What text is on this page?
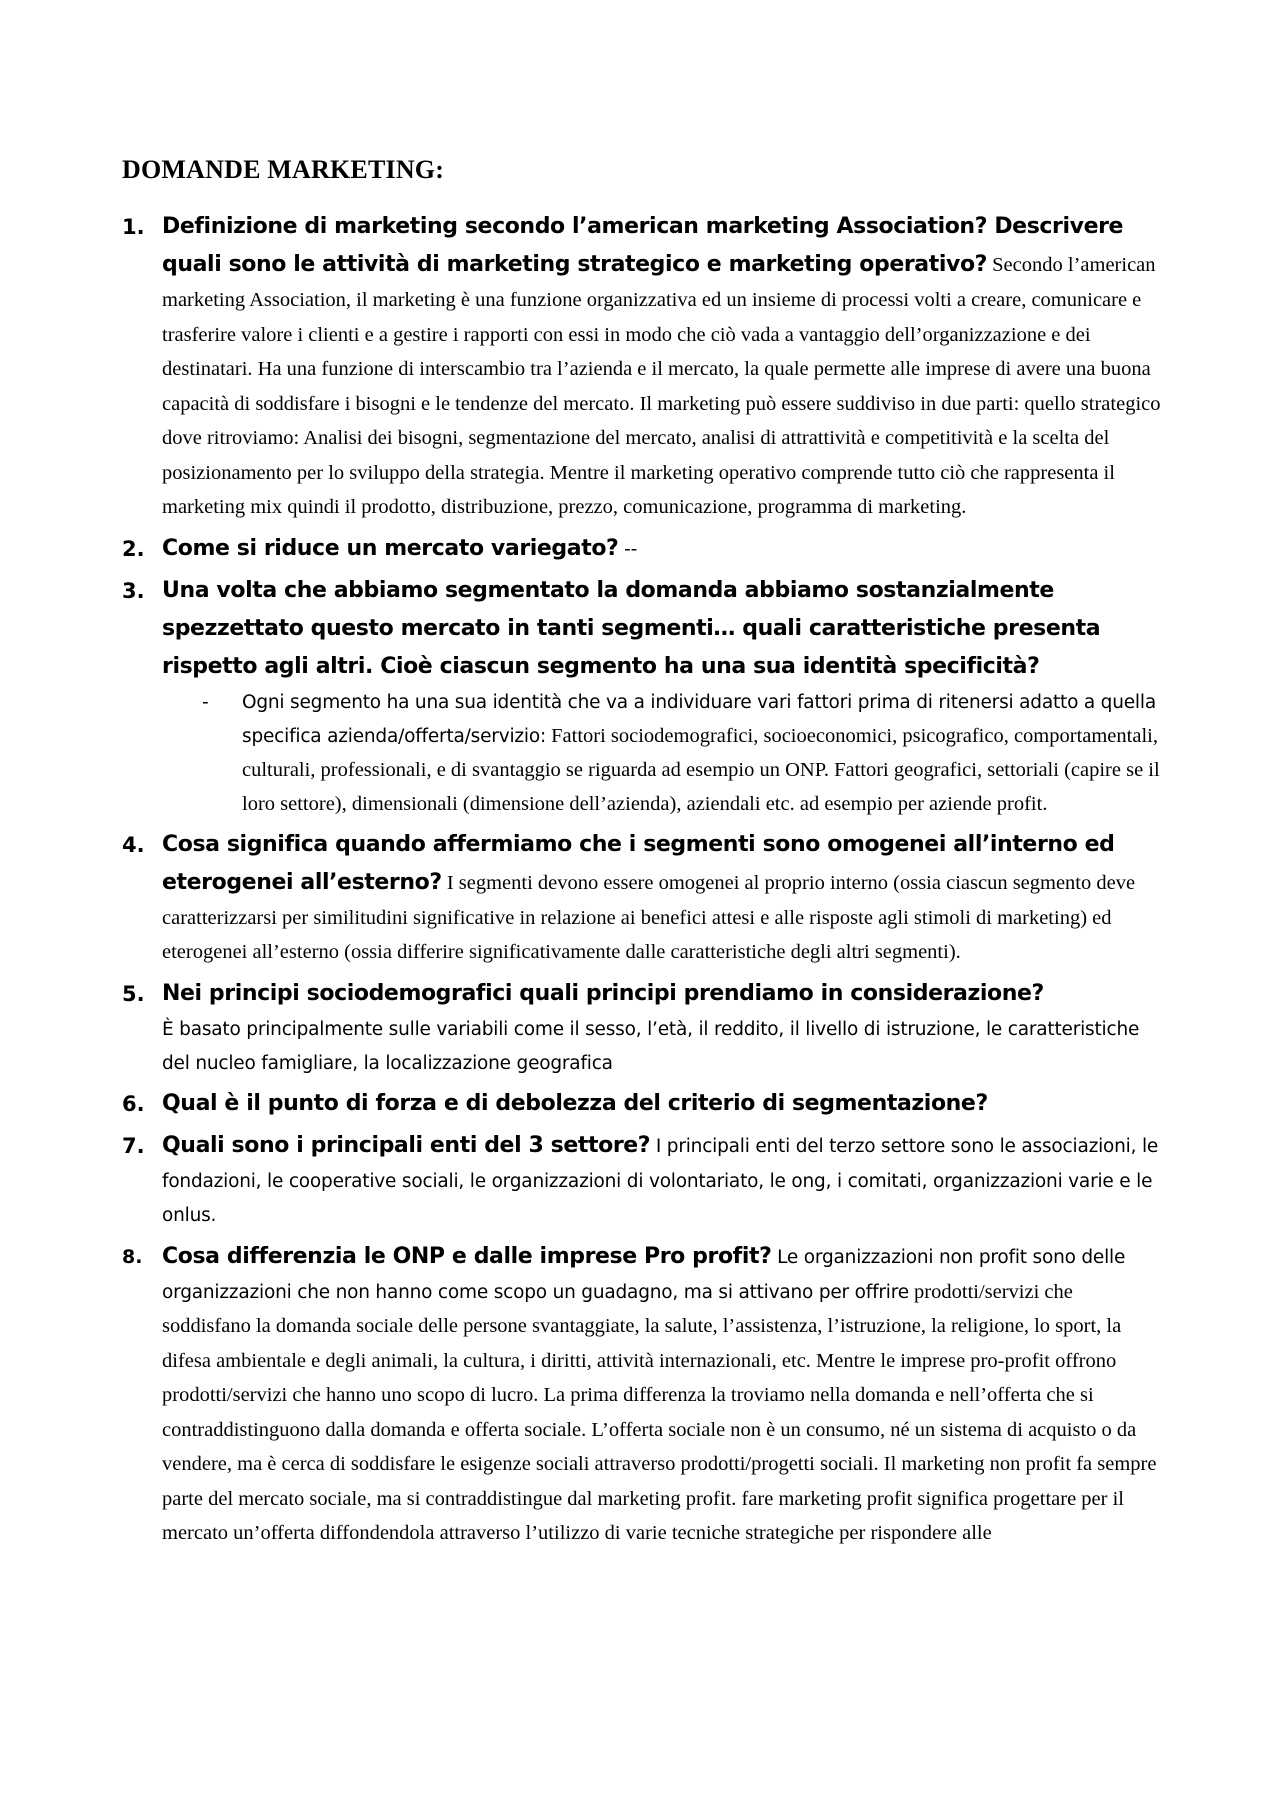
DOMANDE MARKETING:
1. Definizione di marketing secondo l’american marketing Association? Descrivere quali sono le attività di marketing strategico e marketing operativo? Secondo l’american marketing Association, il marketing è una funzione organizzativa ed un insieme di processi volti a creare, comunicare e trasferire valore i clienti e a gestire i rapporti con essi in modo che ciò vada a vantaggio dell’organizzazione e dei destinatari. Ha una funzione di interscambio tra l’azienda e il mercato, la quale permette alle imprese di avere una buona capacità di soddisfare i bisogni e le tendenze del mercato. Il marketing può essere suddiviso in due parti: quello strategico dove ritroviamo: Analisi dei bisogni, segmentazione del mercato, analisi di attrattività e competitività e la scelta del posizionamento per lo sviluppo della strategia. Mentre il marketing operativo comprende tutto ciò che rappresenta il marketing mix quindi il prodotto, distribuzione, prezzo, comunicazione, programma di marketing.
2. Come si riduce un mercato variegato? --
3. Una volta che abbiamo segmentato la domanda abbiamo sostanzialmente spezzettato questo mercato in tanti segmenti… quali caratteristiche presenta rispetto agli altri. Cioè ciascun segmento ha una sua identità specificità?
- Ogni segmento ha una sua identità che va a individuare vari fattori prima di ritenersi adatto a quella specifica azienda/offerta/servizio: Fattori sociodemografici, socioeconomici, psicografico, comportamentali, culturali, professionali, e di svantaggio se riguarda ad esempio un ONP. Fattori geografici, settoriali (capire se il loro settore), dimensionali (dimensione dell’azienda), aziendali etc. ad esempio per aziende profit.
4. Cosa significa quando affermiamo che i segmenti sono omogenei all’interno ed eterogenei all’esterno? I segmenti devono essere omogenei al proprio interno (ossia ciascun segmento deve caratterizzarsi per similitudini significative in relazione ai benefici attesi e alle risposte agli stimoli di marketing) ed eterogenei all’esterno (ossia differire significativamente dalle caratteristiche degli altri segmenti).
5. Nei principi sociodemografici quali principi prendiamo in considerazione?
È basato principalmente sulle variabili come il sesso, l’età, il reddito, il livello di istruzione, le caratteristiche del nucleo famigliare, la localizzazione geografica
6. Qual è il punto di forza e di debolezza del criterio di segmentazione?
7. Quali sono i principali enti del 3 settore? I principali enti del terzo settore sono le associazioni, le fondazioni, le cooperative sociali, le organizzazioni di volontariato, le ong, i comitati, organizzazioni varie e le onlus.
8. Cosa differenzia le ONP e dalle imprese Pro profit? Le organizzazioni non profit sono delle organizzazioni che non hanno come scopo un guadagno, ma si attivano per offrire prodotti/servizi che soddisfano la domanda sociale delle persone svantaggiate, la salute, l’assistenza, l’istruzione, la religione, lo sport, la difesa ambientale e degli animali, la cultura, i diritti, attività internazionali, etc. Mentre le imprese pro-profit offrono prodotti/servizi che hanno uno scopo di lucro. La prima differenza la troviamo nella domanda e nell’offerta che si contraddistinguono dalla domanda e offerta sociale. L’offerta sociale non è un consumo, né un sistema di acquisto o da vendere, ma è cerca di soddisfare le esigenze sociali attraverso prodotti/progetti sociali. Il marketing non profit fa sempre parte del mercato sociale, ma si contraddistingue dal marketing profit. fare marketing profit significa progettare per il mercato un’offerta diffondendola attraverso l’utilizzo di varie tecniche strategiche per rispondere alle
